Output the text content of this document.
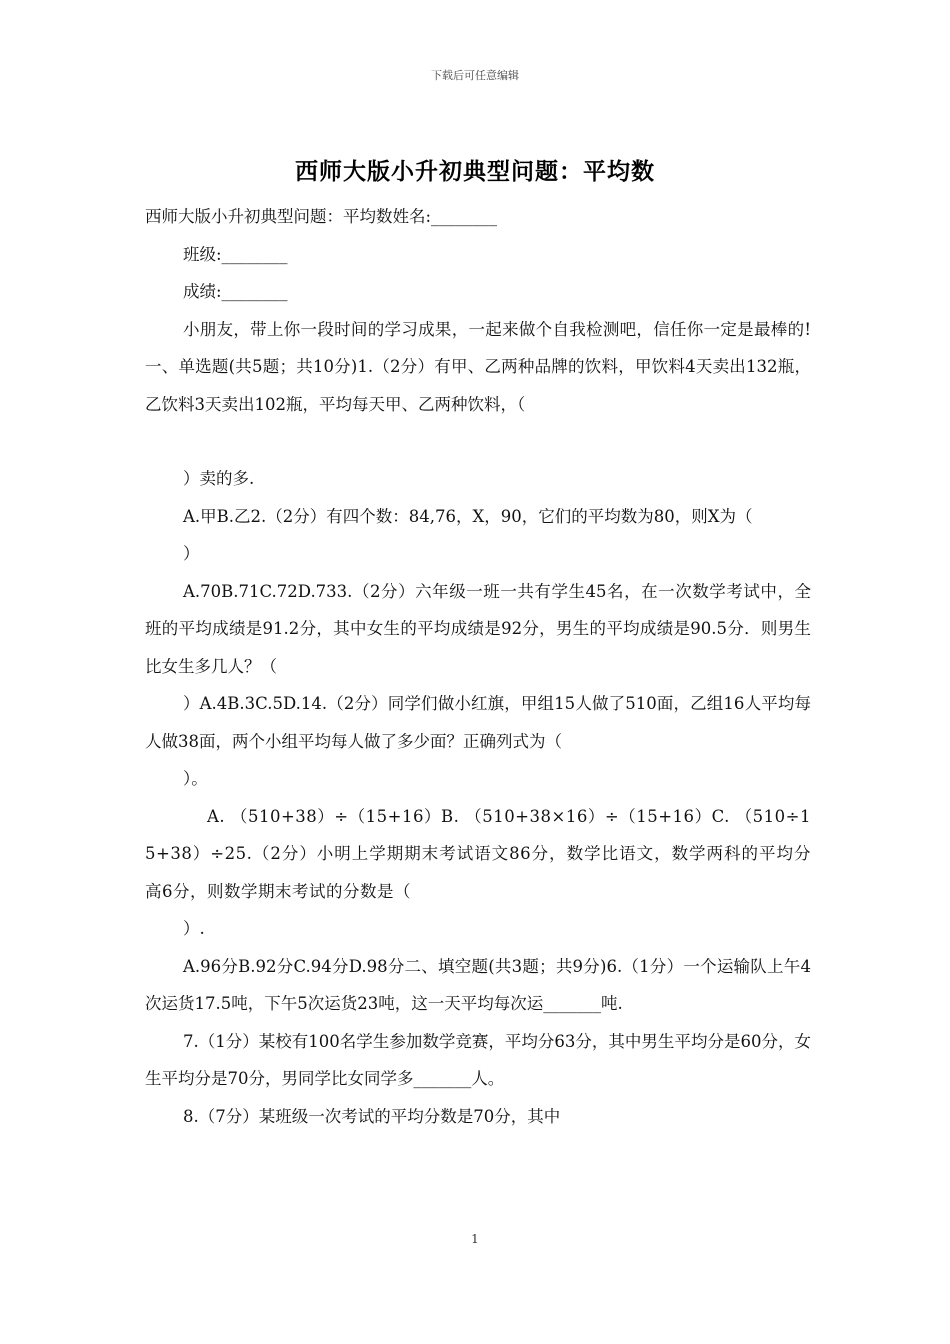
下载后可任意编辑
西师大版小升初典型问题：平均数

西师大版小升初典型问题：平均数姓名:________

班级:________

成绩:________

小朋友，带上你一段时间的学习成果，一起来做个自我检测吧，信任你一定是最棒的!一、单选题(共5题；共10分)1.（2分）有甲、乙两种品牌的饮料，甲饮料4天卖出132瓶，乙饮料3天卖出102瓶，平均每天甲、乙两种饮料，（

）卖的多.

A.甲B.乙2.（2分）有四个数：84,76，X，90，它们的平均数为80，则X为（

）

A.70B.71C.72D.733.（2分）六年级一班一共有学生45名，在一次数学考试中，全班的平均成绩是91.2分，其中女生的平均成绩是92分，男生的平均成绩是90.5分．则男生比女生多几人？（

）A.4B.3C.5D.14.（2分）同学们做小红旗，甲组15人做了510面，乙组16人平均每人做38面，两个小组平均每人做了多少面？正确列式为（

）。

A. （510+38）÷（15+16）B. （510+38×16）÷（15+16）C. （510÷15+38）÷25.（2分）小明上学期期末考试语文86分，数学比语文，数学两科的平均分高6分，则数学期末考试的分数是（

）.

A.96分B.92分C.94分D.98分二、填空题(共3题；共9分)6.（1分）一个运输队上午4次运货17.5吨，下午5次运货23吨，这一天平均每次运_______吨.

7.（1分）某校有100名学生参加数学竞赛，平均分63分，其中男生平均分是60分，女生平均分是70分，男同学比女同学多_______人。

8.（7分）某班级一次考试的平均分数是70分，其中

1
